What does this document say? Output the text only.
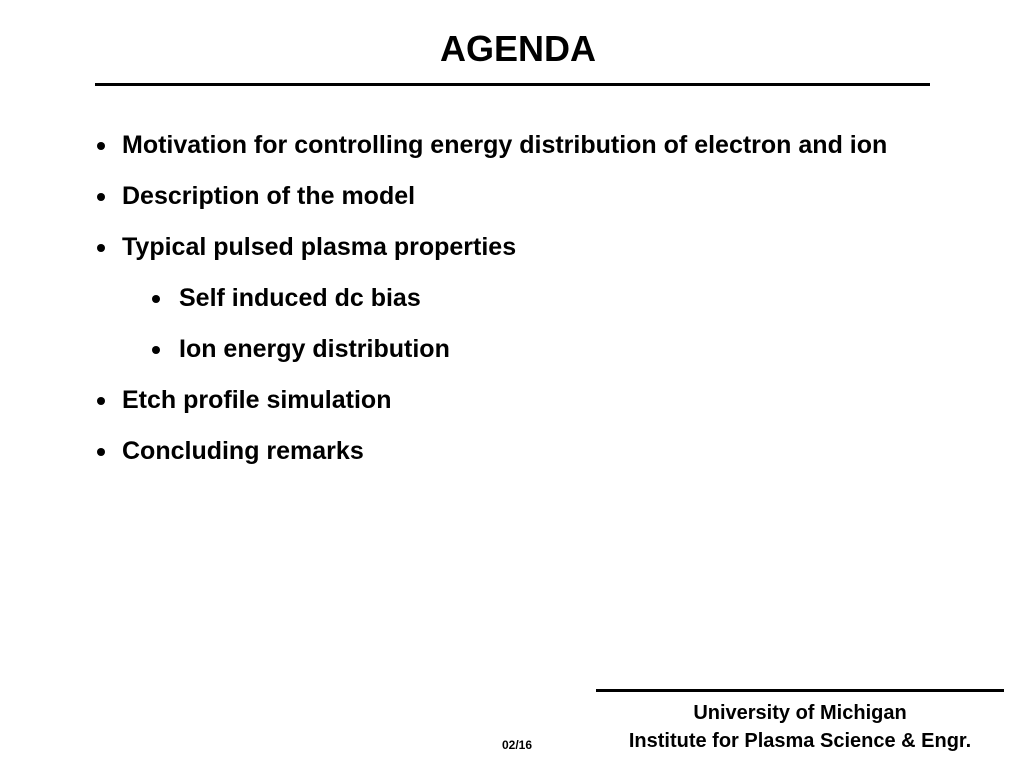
AGENDA
Motivation for controlling energy distribution of electron and ion
Description of the model
Typical pulsed plasma properties
Self induced dc bias
Ion energy distribution
Etch profile simulation
Concluding remarks
University of Michigan
Institute for Plasma Science & Engr.
02/16
